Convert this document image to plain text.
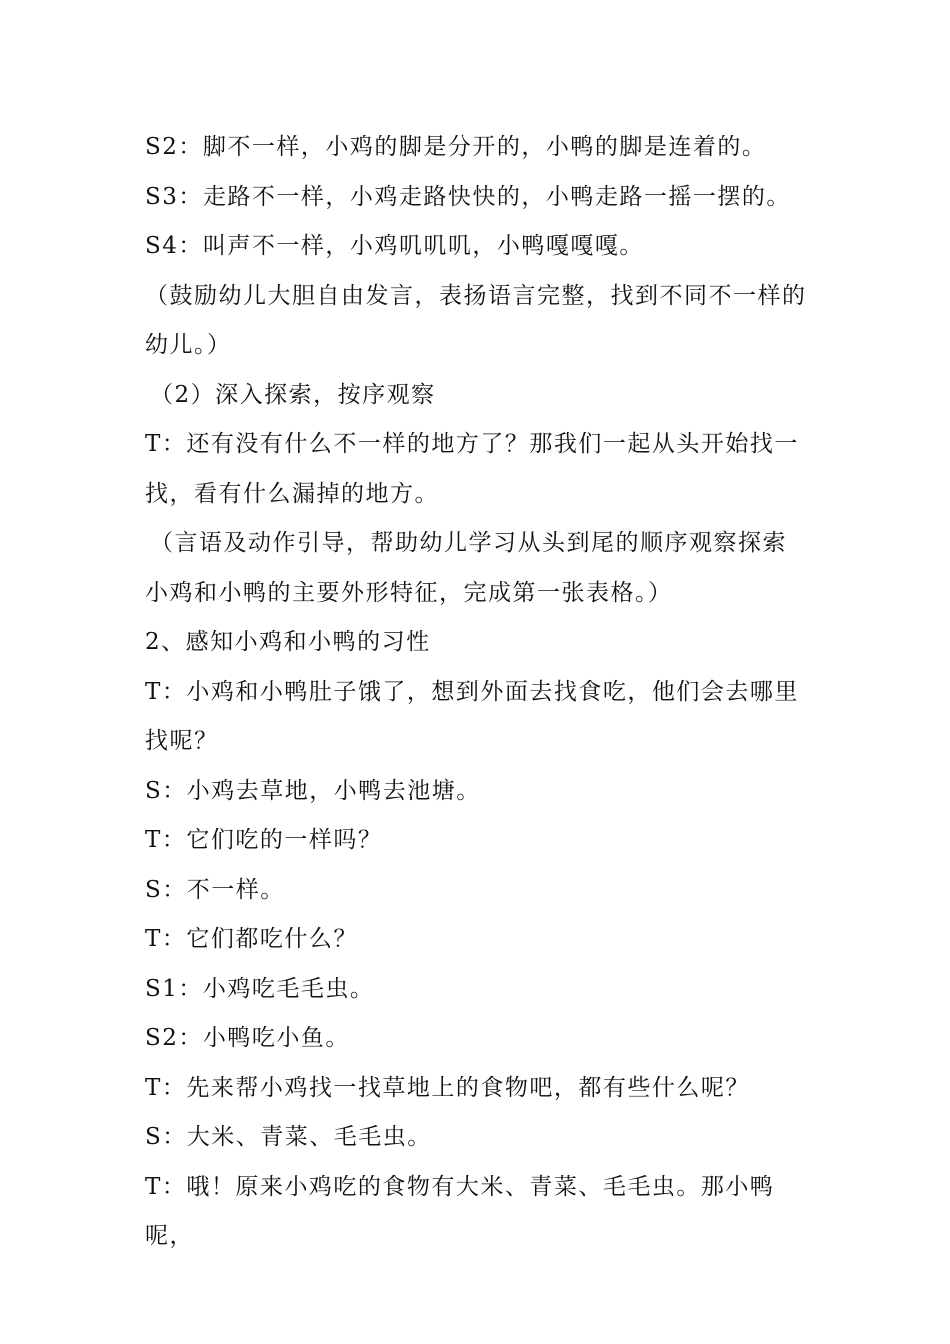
S2：脚不一样，小鸡的脚是分开的，小鸭的脚是连着的。

S3：走路不一样，小鸡走路快快的，小鸭走路一摇一摆的。

S4：叫声不一样，小鸡叽叽叽，小鸭嘎嘎嘎。

（鼓励幼儿大胆自由发言，表扬语言完整，找到不同不一样的幼儿。）

（2）深入探索，按序观察

T：还有没有什么不一样的地方了？那我们一起从头开始找一找，看有什么漏掉的地方。

（言语及动作引导，帮助幼儿学习从头到尾的顺序观察探索小鸡和小鸭的主要外形特征，完成第一张表格。）

2、感知小鸡和小鸭的习性

T：小鸡和小鸭肚子饿了，想到外面去找食吃，他们会去哪里找呢？

S：小鸡去草地，小鸭去池塘。

T：它们吃的一样吗？

S：不一样。

T：它们都吃什么？

S1：小鸡吃毛毛虫。

S2：小鸭吃小鱼。

T：先来帮小鸡找一找草地上的食物吧，都有些什么呢？

S：大米、青菜、毛毛虫。

T：哦！原来小鸡吃的食物有大米、青菜、毛毛虫。那小鸭呢，
